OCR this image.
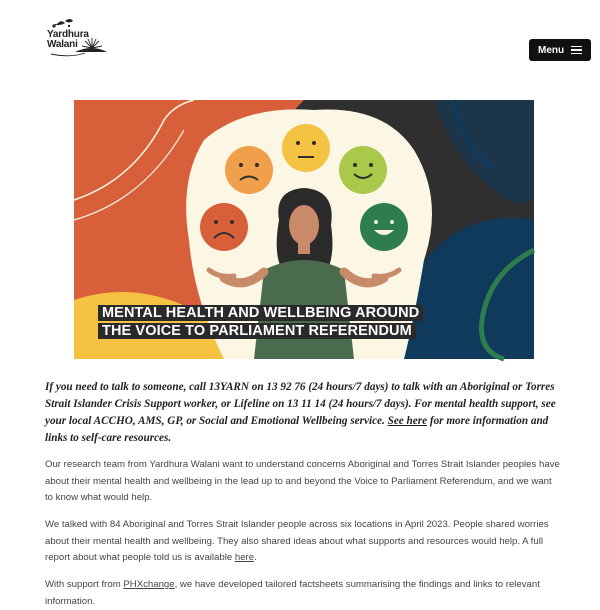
Yardhura
Walani	Menu
MENTAL HEALTH AND WELLBEING AROUND
THE VOICE TO PARLIAMENT REFERENDUM
If you need to talk to someone, call 13YARN on 13 92 76 (24 hours/7 days) to talk with an Aboriginal or Torres Strait Islander Crisis Support worker, or Lifeline on 13 11 14 (24 hours/7 days). For mental health support, see your local ACCHO, AMS, GP, or Social and Emotional Wellbeing service. See here for more information and links to self-care resources.

Our research team from Yardhura Walani want to understand concerns Aboriginal and Torres Strait Islander peoples have about their mental health and wellbeing in the lead up to and beyond the Voice to Parliament Referendum, and we want to know what would help.

We talked with 84 Aboriginal and Torres Strait Islander people across six locations in April 2023. People shared worries about their mental health and wellbeing. They also shared ideas about what supports and resources would help. A full report about what people told us is available here.

With support from PHXchange, we have developed tailored factsheets summarising the findings and links to relevant information.
